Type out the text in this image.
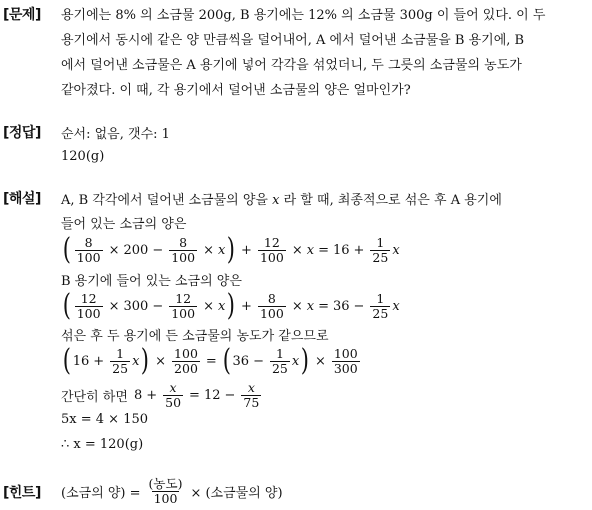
[문제] 용기에는 8% 의 소금물 200g, B 용기에는 12% 의 소금물 300g 이 들어 있다. 이 두
용기에서 동시에 같은 양 만큼씩을 덜어내어, A 에서 덜어낸 소금물을 B 용기에, B
에서 덜어낸 소금물은 A 용기에 넣어 각각을 섞었더니, 두 그릇의 소금물의 농도가
같아졌다. 이 때, 각 용기에서 덜어낸 소금물의 양은 얼마인가?
[정답] 순서: 없음, 갯수: 1
120(g)
[해설] A, B 각각에서 덜어낸 소금물의 양을 x 라 할 때, 최종적으로 섞은 후 A 용기에
들어 있는 소금의 양은
( $\frac{8}{100} \times 200 - \frac{8}{100} \times x$ ) + $\frac{12}{100} \times x = 16 + \frac{1}{25}$ x
B 용기에 들어 있는 소금의 양은
( $\frac{12}{100} \times 300 - \frac{12}{100} \times x$ ) + $\frac{8}{100} \times x = 36 - \frac{1}{25}$ x
섞은 후 두 용기에 든 소금물의 농도가 같으므로
( $16 + \frac{1}{25}$ x ) × $\frac{100}{200}$ = ( $36 - \frac{1}{25}$ x ) × $\frac{100}{300}$
간단히 하면 $8 + \frac{x}{50} = 12 - \frac{x}{75}$
5x = 4 × 150
∴ x = 120(g)
[힌트] (소금의 양) = $\frac{\text{(농도)}}{100}$ × (소금물의 양)
